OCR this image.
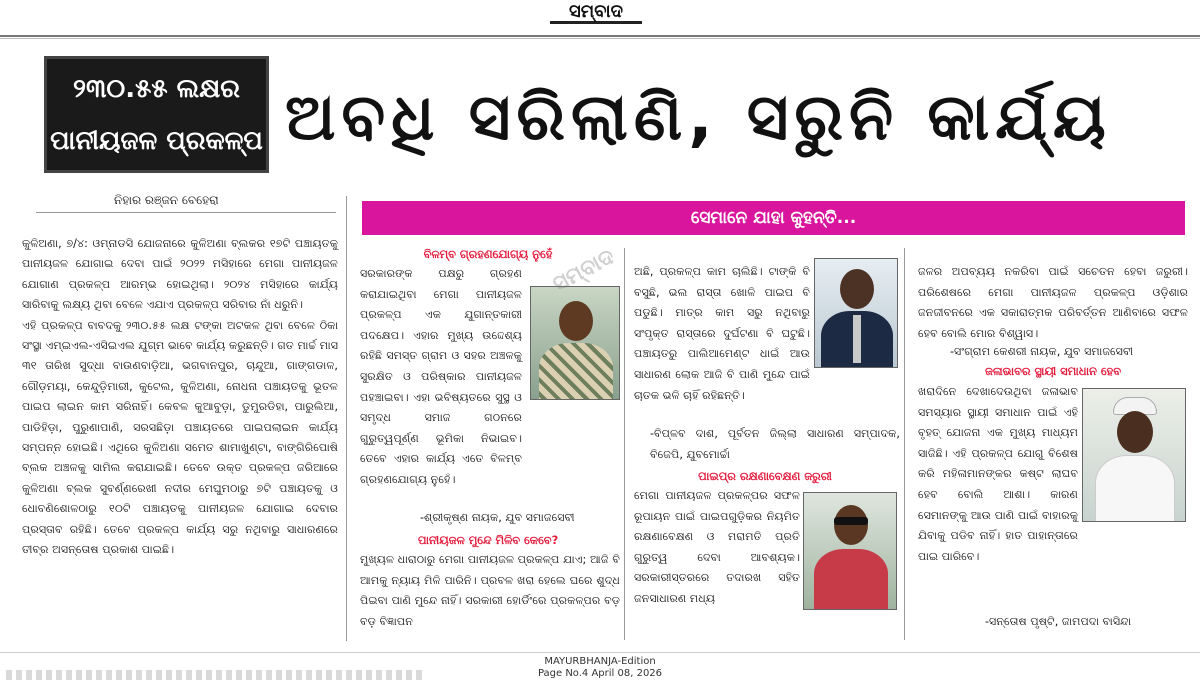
ସମ୍ବାଦ
୨୩୦.୫୫ ଲକ୍ଷର
ପାନୀୟଜଳ ପ୍ରକଳ୍ପ ଅବଧି ସରିଲାଣି, ସରୁନି କାର୍ଯ୍ୟ
ନିହାର ରଞ୍ଜନ ବେହେରା

କୁଳିଅଣା, ୭/୪: ଓମ୍ନାଡସି ଯୋଜନାରେ କୁଳିଅଣା ବ୍ଲକର ୧୭ଟି ପଞ୍ଚାୟତକୁ ପାନୀୟଜଳ ଯୋଗାଇ ଦେବା ପାଇଁ ୨୦୨୨ ମସିହାରେ ମେଗା ପାନୀୟଜଳ ଯୋଗାଣ ପ୍ରକଳ୍ପ ଆରମ୍ଭ ହୋଇଥିଲା। ୨୦୨୪ ମସିହାରେ କାର୍ଯ୍ୟ ସାରିବାକୁ ଲକ୍ଷ୍ୟ ଥିବା ବେଳେ ଏଯାଏ ପ୍ରକଳ୍ପ ସରିବାର ନାଁ ଧରୁନି।

ଏହି ପ୍ରକଳ୍ପ ବାବଦକୁ ୨୩୦.୫୫ ଲକ୍ଷ ଟଙ୍କା ଅଟକଳ ଥିବା ବେଳେ ଠିକା ସଂସ୍ଥା ଏମ୍‌ଇଏଲ-ଏସିଇଏଲ ଯୁଗ୍ମ ଭାବେ କାର୍ଯ୍ୟ କରୁଛନ୍ତି। ଗତ ମାର୍ଚ୍ଚ ମାସ ୩୧ ତାରିଖ ସୁଦ୍ଧା ବାଉଣବାଡ଼ିଆ, ଭଗବାନପୁର, ଚାନ୍ଦୁଆ, ଗାଙ୍ଗଡାଳ, ଗୌଡ଼ମୟା, କେନ୍ଦୁଡ଼ିମାରୀ, କୁଟେଲ, କୁଳିଅଣା, ନୋଧନା ପଞ୍ଚାୟତକୁ ଭୂତଳ ପାଇପ ଲାଇନ କାମ ସରିନାହିଁ। କେବଳ କୁଆବୁଡ଼ା, ଡୁମୁରଡିହା, ପାରୁଲିଆ, ପାଡିହିଡ଼ା, ପୁରୁଣାପାଣି, ସରସଛିଡ଼ା ପଞ୍ଚାୟତରେ ପାଇପଲାଇନ କାର୍ଯ୍ୟ ସମ୍ପନ୍ନ ହୋଇଛି। ଏଥିରେ କୁଳିଅଣା ସମେତ ଶାମାଖୁଣ୍ଟା, ବାଙ୍ଗିରିପୋଷି ବ୍ଲକ ଅଞ୍ଚଳକୁ ସାମିଲ କରାଯାଇଛି। ତେବେ ଉକ୍ତ ପ୍ରକଳ୍ପ ଜରିଆରେ କୁଳିଅଣା ବ୍ଲକ ସୁବର୍ଣ୍ଣରେଖୀ ନଦୀର ମେଘୁମଠାରୁ ୭ଟି ପଞ୍ଚାୟତକୁ ଓ ଧୋବଣିଶୋଳଠାରୁ ୧୦ଟି ପଞ୍ଚାୟତକୁ ପାନୀୟଜଳ ଯୋଗାଇ ଦେବାର ପ୍ରସ୍ତାବ ରହିଛି। ତେବେ ପ୍ରକଳ୍ପ କାର୍ଯ୍ୟ ସରୁ ନଥିବାରୁ ସାଧାରଣରେ ତୀବ୍ର ଅସନ୍ତୋଷ ପ୍ରକାଶ ପାଇଛି।

ସେମାନେ ଯାହା କୁହନ୍ତି...
ବିଳମ୍ବ ଗ୍ରହଣଯୋଗ୍ୟ ନୁହେଁ
ସରକାରଙ୍କ ପକ୍ଷରୁ ଗ୍ରହଣ କରାଯାଇଥିବା ମେଗା ପାନୀୟଜଳ ପ୍ରକଳ୍ପ ଏକ ଯୁଗାନ୍ତକାରୀ ପଦକ୍ଷେପ। ଏହାର ମୁଖ୍ୟ ଉଦ୍ଦେଶ୍ୟ ରହିଛି ସମସ୍ତ ଗ୍ରାମ ଓ ସହର ଅଞ୍ଚଳକୁ ସୁରକ୍ଷିତ ଓ ପରିଷ୍କାର ପାନୀୟଜଳ ପହଞ୍ଚାଇବା। ଏହା ଭବିଷ୍ୟତରେ ସୁସ୍ଥ ଓ ସମୃଦ୍ଧ ସମାଜ ଗଠନରେ ଗୁରୁତ୍ୱପୂର୍ଣ୍ଣ ଭୂମିକା ନିଭାଇବ। ତେବେ ଏହାର କାର୍ଯ୍ୟ ଏତେ ବିଳମ୍ବ ଗ୍ରହଣଯୋଗ୍ୟ ନୁହେଁ।
-ଶ୍ରୀକୃଷ୍ଣ ନାୟକ, ଯୁବ ସମାଜସେବୀ
ପାନୀୟଜଳ ମୁନ୍ଦେ ମିଳିବ କେବେ?
ମୁଖ୍ୟଳ ଧାରାଠାରୁ ମେଗା ପାନୀୟଜଳ ପ୍ରକଳ୍ପ ଯାଏ; ଆଜି ବି ଆମକୁ ନ୍ୟାୟ ମିଳି ପାରିନି। ପ୍ରବଳ ଖରା ହେଲେ ଘରେ ଶୁଦ୍ଧ ପିଇବା ପାଣି ମୁନ୍ଦେ ନାହିଁ। ସରକାରୀ ହୋର୍ଡିଂରେ ପ୍ରକଳ୍ପର ବଡ଼ ବଡ଼ ବିଜ୍ଞାପନ
ଅଛି, ପ୍ରକଳ୍ପ କାମ ଚାଲିଛି। ଟାଙ୍କି ବି ବସୁଛି, ଭଲ ରାସ୍ତା ଖୋଳି ପାଇପ ବି ପଡୁଛି। ମାତ୍ର କାମ ସରୁ ନଥିବାରୁ ସଂପୃକ୍ତ ରାସ୍ତାରେ ଦୁର୍ଘଟଣା ବି ଘଟୁଛି। ପଞ୍ଚାୟତରୁ ପାଲିଆମେଣ୍ଟ ଧାଇଁ ଆଉ ସାଧାରଣ ଲୋକ ଆଜି ବି ପାଣି ମୁନ୍ଦେ ପାଇଁ ଚାତକ ଭଳି ଚାହିଁ ରହିଛନ୍ତି।
-ବିପ୍ଳବ ଦାଶ, ପୂର୍ବତନ ଜିଲ୍ଲା ସାଧାରଣ ସମ୍ପାଦକ, ବିଜେପି, ଯୁବମୋର୍ଚ୍ଚା
ପାଇପ୍‌ର ରକ୍ଷଣାବେକ୍ଷଣ ଜରୁରୀ
ମେଗା ପାନୀୟଜଳ ପ୍ରକଳ୍ପର ସଫଳ ରୂପାୟନ ପାଇଁ ପାଇପଗୁଡ଼ିକର ନିୟମିତ ରକ୍ଷଣାବେକ୍ଷଣ ଓ ମରାମତି ପ୍ରତି ଗୁରୁତ୍ୱ ଦେବା ଆବଶ୍ୟକ। ସରକାରୀସ୍ତରରେ ତଦାରଖ ସହିତ ଜନସାଧାରଣ ମଧ୍ୟ
ଜଳର ଅପବ୍ୟୟ ନକରିବା ପାଇଁ ସଚେତନ ହେବା ଜରୁରୀ। ପରିଶେଷରେ ମେଗା ପାନୀୟଜଳ ପ୍ରକଳ୍ପ ଓଡ଼ିଶାର ଜନଜୀବନରେ ଏକ ସକାରାତ୍ମକ ପରିବର୍ତ୍ତନ ଆଣିବାରେ ସଫଳ ହେବ ବୋଲି ମୋର ବିଶ୍ୱାସ।
-ସଂଗ୍ରାମ କେଶରୀ ନାୟକ, ଯୁବ ସମାଜସେବୀ
ଜଳାଭାବର ସ୍ଥାୟୀ ସମାଧାନ ହେବ
ଖରାଦିନେ ଦେଖାଦେଉଥିବା ଜଳାଭାବ ସମସ୍ୟାର ସ୍ଥାୟୀ ସମାଧାନ ପାଇଁ ଏହି ବୃହତ୍ ଯୋଜନା ଏକ ମୁଖ୍ୟ ମାଧ୍ୟମ ସାଜିଛି। ଏହି ପ୍ରକଳ୍ପ ଯୋଗୁ ବିଶେଷ କରି ମହିଳାମାନଙ୍କର କଷ୍ଟ ଲାଘବ ହେବ ବୋଲି ଆଶା। କାରଣ ସେମାନଙ୍କୁ ଆଉ ପାଣି ପାଇଁ ବାହାରକୁ ଯିବାକୁ ପଡିବ ନାହିଁ। ହାତ ପାହାନ୍ତାରେ ପାଇ ପାରିବେ।
-ସନ୍ତୋଷ ପୃଷ୍ଟି, ଜାମପଦା ବାସିନ୍ଦା
ସମ୍ବାଦ
MAYURBHANJA-Edition
Page No.4 April 08, 2026
